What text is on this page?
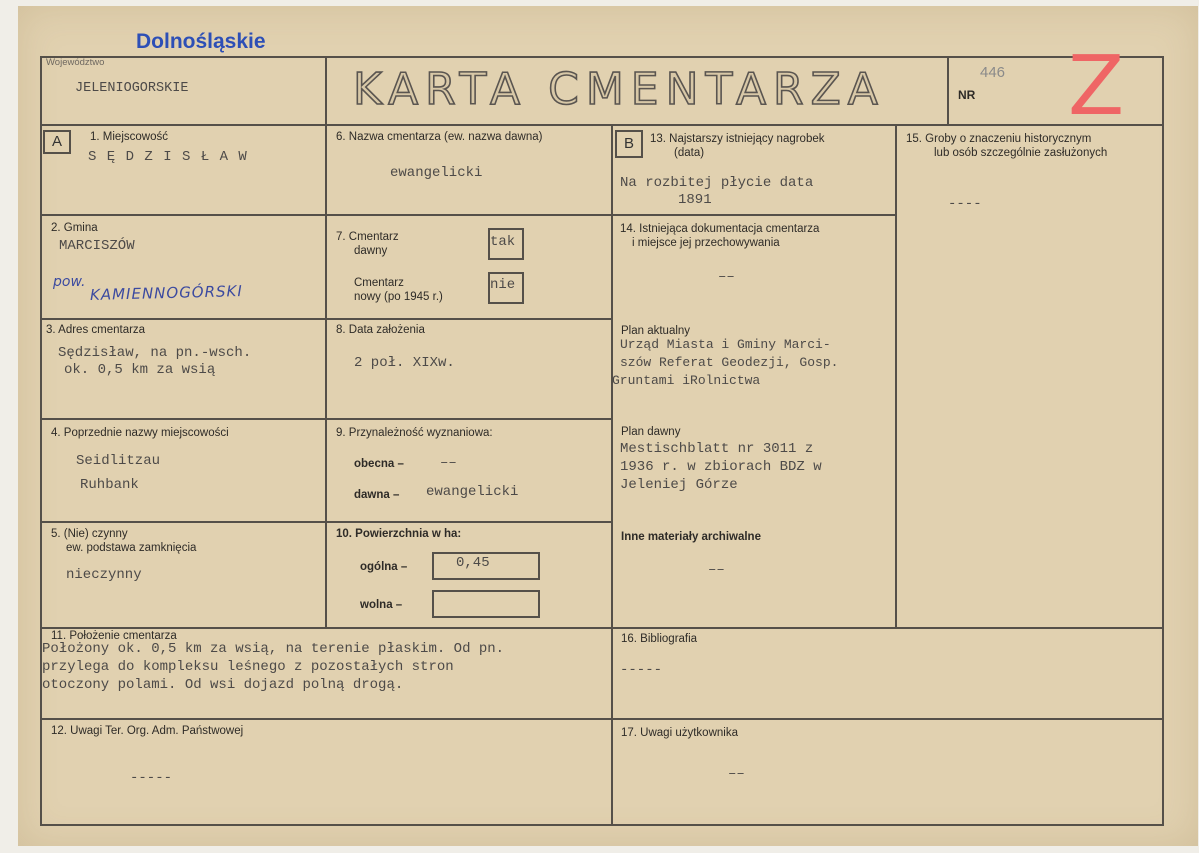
Dolnośląskie
Województwo
JELENIOGORSKIE	KARTA CMENTARZA	NR
446 Z
A	1. Miejscowość
S Ę D Z I S Ł A W
2. Gmina
MARCISZÓW
pow.
KAMIENNOGÓRSKI
3. Adres cmentarza
Sędzisław, na pn.-wsch.
ok. 0,5 km za wsią
4. Poprzednie nazwy miejscowości
Seidlitzau
Ruhbank
5. (Nie) czynny
ew. podstawa zamknięcia
nieczynny
6. Nazwa cmentarza (ew. nazwa dawna)
ewangelicki
7. Cmentarz
dawny
tak
Cmentarz
nowy (po 1945 r.)
nie
8. Data założenia
2 poł. XIXw.
9. Przynależność wyznaniowa:
obecna –	––
dawna – ewangelicki
10. Powierzchnia w ha:
ogólna –	0,45
wolna –
B	13. Najstarszy istniejący nagrobek
(data)
Na rozbitej płycie data
1891
14. Istniejąca dokumentacja cmentarza
i miejsce jej przechowywania
––
Plan aktualny
Urząd Miasta i Gminy Marci-
szów Referat Geodezji, Gosp.
Gruntami iRolnictwa
Plan dawny
Mestischblatt nr 3011 z
1936 r. w zbiorach BDZ w
Jeleniej Górze
Inne materiały archiwalne
––
15. Groby o znaczeniu historycznym
lub osób szczególnie zasłużonych
----
11. Położenie cmentarza
Położony ok. 0,5 km za wsią, na terenie płaskim. Od pn.
przylega do kompleksu leśnego z pozostałych stron
otoczony polami. Od wsi dojazd polną drogą.
16. Bibliografia
-----
12. Uwagi Ter. Org. Adm. Państwowej
-----
17. Uwagi użytkownika
––
